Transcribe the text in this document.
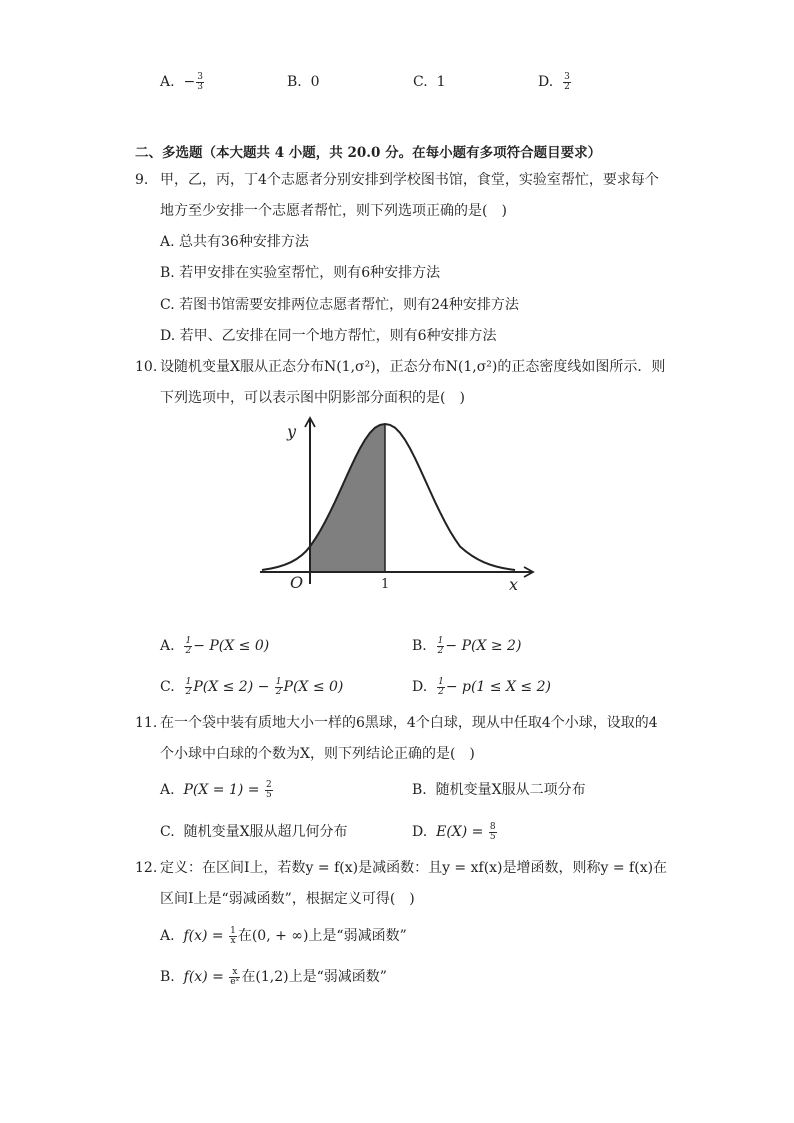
A. − $\frac{3}{3}$	B. 0	C. 1	D. $\frac{3}{2}$
二、多选题（本大题共 4 小题，共 20.0 分。在每小题有多项符合题目要求）
9. 甲，乙，丙，丁4个志愿者分别安排到学校图书馆，食堂，实验室帮忙，要求每个
地方至少安排一个志愿者帮忙，则下列选项正确的是(　)
A. 总共有36种安排方法
B. 若甲安排在实验室帮忙，则有6种安排方法
C. 若图书馆需要安排两位志愿者帮忙，则有24种安排方法
D. 若甲、乙安排在同一个地方帮忙，则有6种安排方法
10. 设随机变量X服从正态分布N(1,σ²)，正态分布N(1,σ²)的正态密度线如图所示．则
下列选项中，可以表示图中阴影部分面积的是(　)
y
x
O	1
A. $\frac{1}{2} - P(X \le 0)$	B. $\frac{1}{2} - P(X \ge 2)$
C. $\frac{1}{2} P(X \le 2) - \frac{1}{2} P(X \le 0)$	D. $\frac{1}{2} - p(1 \le X \le 2)$
11. 在一个袋中装有质地大小一样的6黑球，4个白球，现从中任取4个小球，设取的4
个小球中白球的个数为X，则下列结论正确的是(　)
A. $P(X = 1) = \frac{2}{5}$	B. 随机变量X服从二项分布
C. 随机变量X服从超几何分布	D. $E(X) = \frac{8}{5}$
12. 定义：在区间I上，若数y = f(x)是减函数：且y = xf(x)是增函数，则称y = f(x)在
区间I上是“弱减函数”，根据定义可得(　)
A. $f(x) = \frac{1}{x}$ 在(0, + ∞)上是“弱减函数”
B. $f(x) = \frac{x}{\text{eˣ}}$ 在(1,2)上是“弱减函数”
